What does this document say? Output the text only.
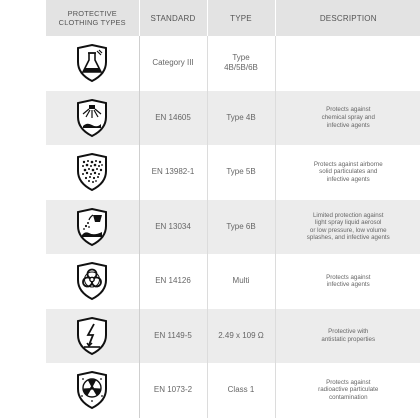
PROTECTIVE
CLOTHING TYPES	STANDARD	TYPE	DESCRIPTION

Category III	Type
4B/5B/6B	

EN 14605	Type 4B	Protects against
chemical spray and
infective agents

EN 13982-1	Type 5B	Protects against airborne
solid particulates and
infective agents

EN 13034	Type 6B	Limited protection against
light spray liquid aerosol
or low pressure, low volume
splashes, and infective agents

EN 14126	Multi	Protects against
infective agents

EN 1149-5	2.49 x 109 Ω	Protective with
antistatic properties

EN 1073-2	Class 1	Protects against
radioactive particulate
contamination
